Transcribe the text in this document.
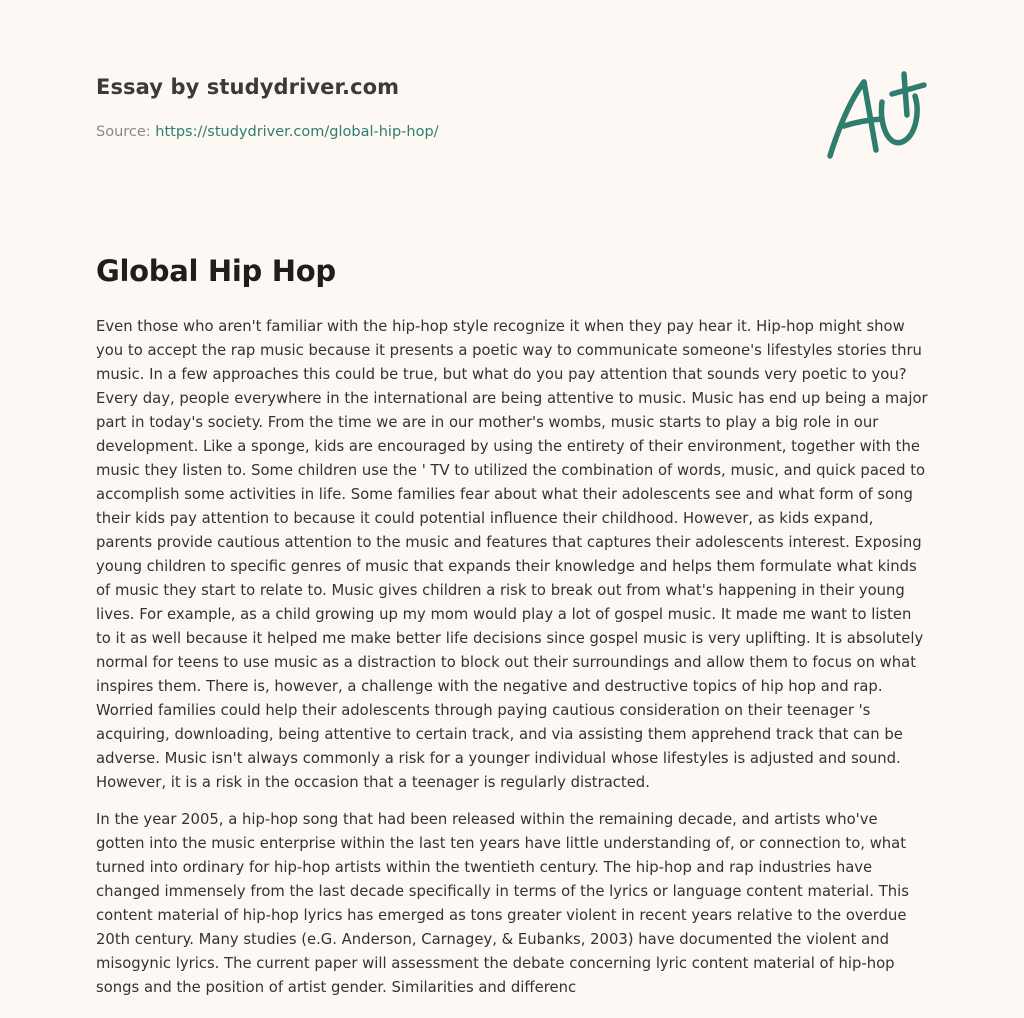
Essay by studydriver.com
Source: https://studydriver.com/global-hip-hop/
Global Hip Hop

Even those who aren't familiar with the hip-hop style recognize it when they pay hear it. Hip-hop might show you to accept the rap music because it presents a poetic way to communicate someone's lifestyles stories thru music. In a few approaches this could be true, but what do you pay attention that sounds very poetic to you? Every day, people everywhere in the international are being attentive to music. Music has end up being a major part in today's society. From the time we are in our mother's wombs, music starts to play a big role in our development. Like a sponge, kids are encouraged by using the entirety of their environment, together with the music they listen to. Some children use the ' TV to utilized the combination of words, music, and quick paced to accomplish some activities in life. Some families fear about what their adolescents see and what form of song their kids pay attention to because it could potential influence their childhood. However, as kids expand, parents provide cautious attention to the music and features that captures their adolescents interest. Exposing young children to specific genres of music that expands their knowledge and helps them formulate what kinds of music they start to relate to. Music gives children a risk to break out from what's happening in their young lives. For example, as a child growing up my mom would play a lot of gospel music. It made me want to listen to it as well because it helped me make better life decisions since gospel music is very uplifting. It is absolutely normal for teens to use music as a distraction to block out their surroundings and allow them to focus on what inspires them. There is, however, a challenge with the negative and destructive topics of hip hop and rap. Worried families could help their adolescents through paying cautious consideration on their teenager 's acquiring, downloading, being attentive to certain track, and via assisting them apprehend track that can be adverse. Music isn't always commonly a risk for a younger individual whose lifestyles is adjusted and sound. However, it is a risk in the occasion that a teenager is regularly distracted.

In the year 2005, a hip-hop song that had been released within the remaining decade, and artists who've gotten into the music enterprise within the last ten years have little understanding of, or connection to, what turned into ordinary for hip-hop artists within the twentieth century. The hip-hop and rap industries have changed immensely from the last decade specifically in terms of the lyrics or language content material. This content material of hip-hop lyrics has emerged as tons greater violent in recent years relative to the overdue 20th century. Many studies (e.G. Anderson, Carnagey, & Eubanks, 2003) have documented the violent and misogynic lyrics. The current paper will assessment the debate concerning lyric content material of hip-hop songs and the position of artist gender. Similarities and differenc
